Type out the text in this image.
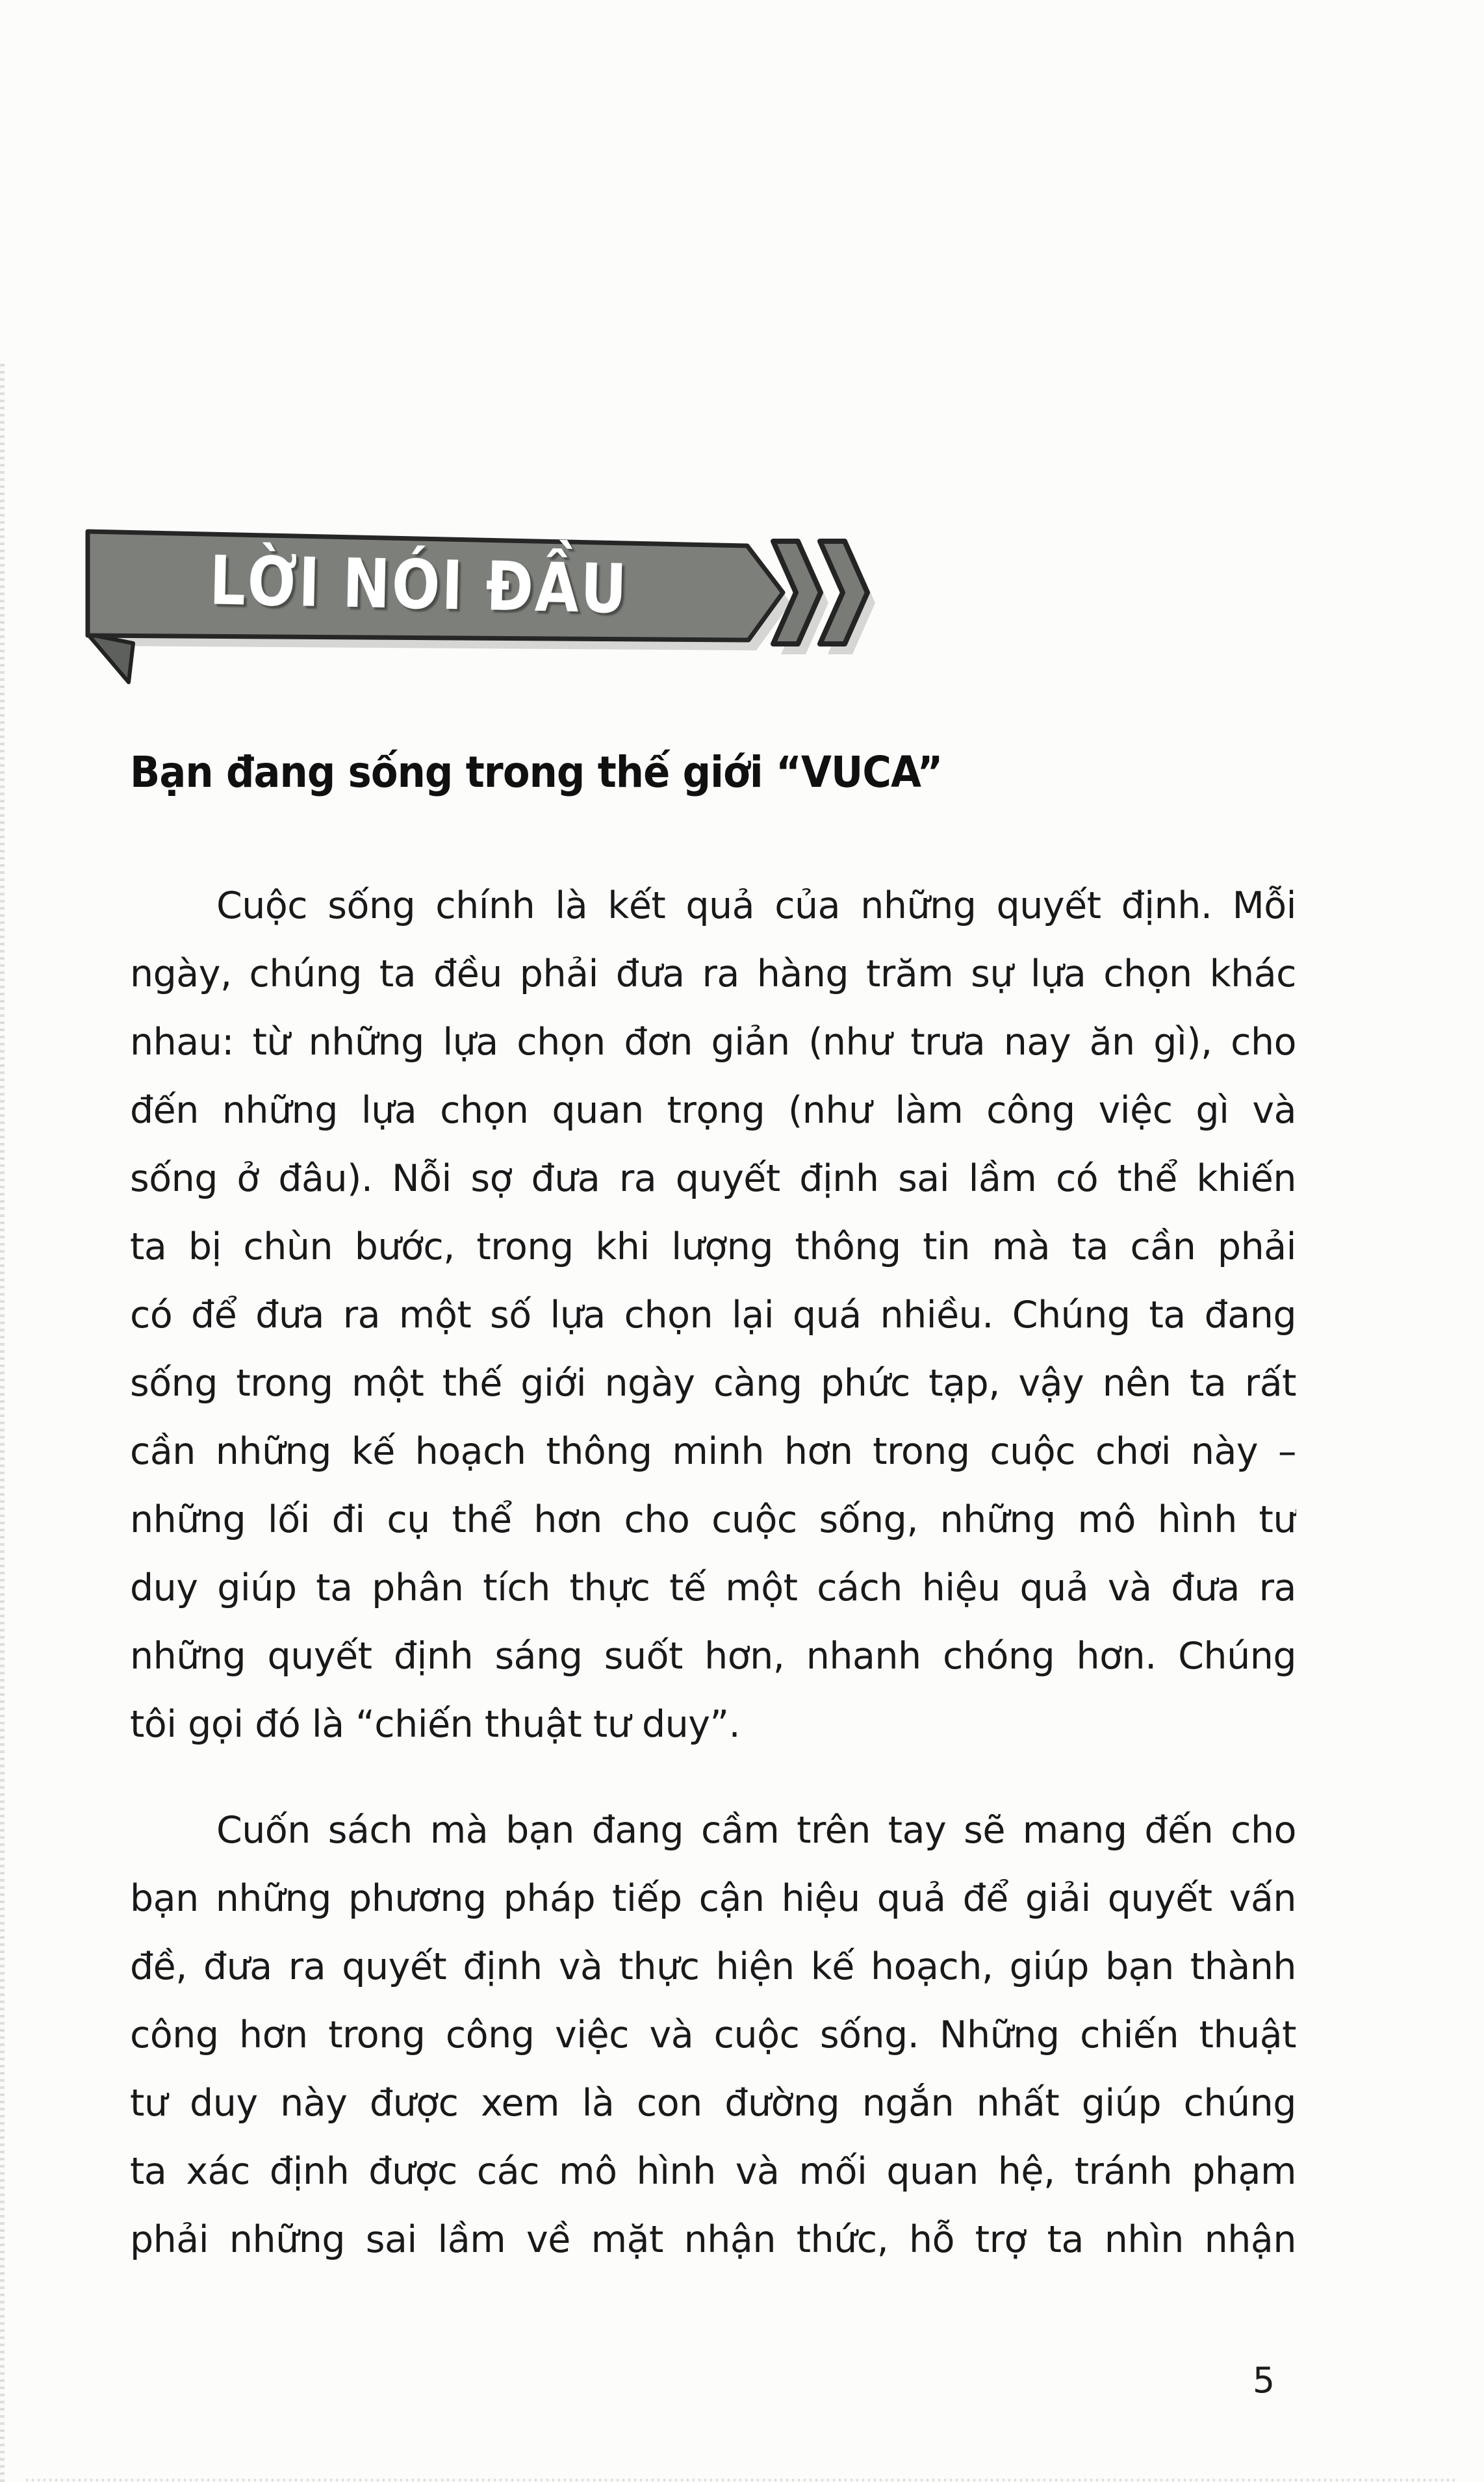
LỜI NÓI ĐẦU
Bạn đang sống trong thế giới “VUCA”
Cuộc sống chính là kết quả của những quyết định. Mỗi
ngày, chúng ta đều phải đưa ra hàng trăm sự lựa chọn khác
nhau: từ những lựa chọn đơn giản (như trưa nay ăn gì), cho
đến những lựa chọn quan trọng (như làm công việc gì và
sống ở đâu). Nỗi sợ đưa ra quyết định sai lầm có thể khiến
ta bị chùn bước, trong khi lượng thông tin mà ta cần phải
có để đưa ra một số lựa chọn lại quá nhiều. Chúng ta đang
sống trong một thế giới ngày càng phức tạp, vậy nên ta rất
cần những kế hoạch thông minh hơn trong cuộc chơi này –
những lối đi cụ thể hơn cho cuộc sống, những mô hình tư
duy giúp ta phân tích thực tế một cách hiệu quả và đưa ra
những quyết định sáng suốt hơn, nhanh chóng hơn. Chúng
tôi gọi đó là “chiến thuật tư duy”.
Cuốn sách mà bạn đang cầm trên tay sẽ mang đến cho
bạn những phương pháp tiếp cận hiệu quả để giải quyết vấn
đề, đưa ra quyết định và thực hiện kế hoạch, giúp bạn thành
công hơn trong công việc và cuộc sống. Những chiến thuật
tư duy này được xem là con đường ngắn nhất giúp chúng
ta xác định được các mô hình và mối quan hệ, tránh phạm
phải những sai lầm về mặt nhận thức, hỗ trợ ta nhìn nhận
5
